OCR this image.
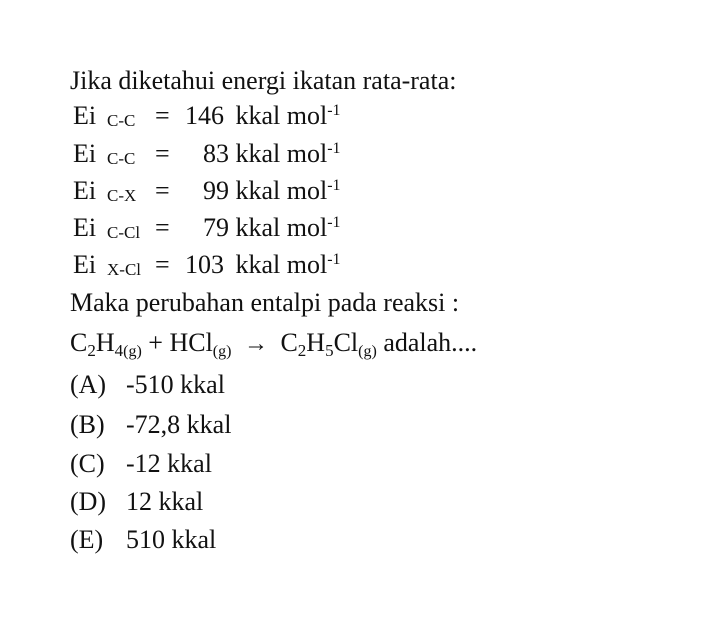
Jika diketahui energi ikatan rata-rata:
Ei C-C = 146 kkal mol$^{-1}$
Ei C-C = 83 kkal mol$^{-1}$
Ei C-X = 99 kkal mol$^{-1}$
Ei C-Cl = 79 kkal mol$^{-1}$
Ei X-Cl = 103 kkal mol$^{-1}$
Maka perubahan entalpi pada reaksi :
$C_2H_4(g) + HCl(g) \to C_2H_5Cl(g)$ adalah....
(A) -510 kkal
(B) -72,8 kkal
(C) -12 kkal
(D) 12 kkal
(E) 510 kkal
